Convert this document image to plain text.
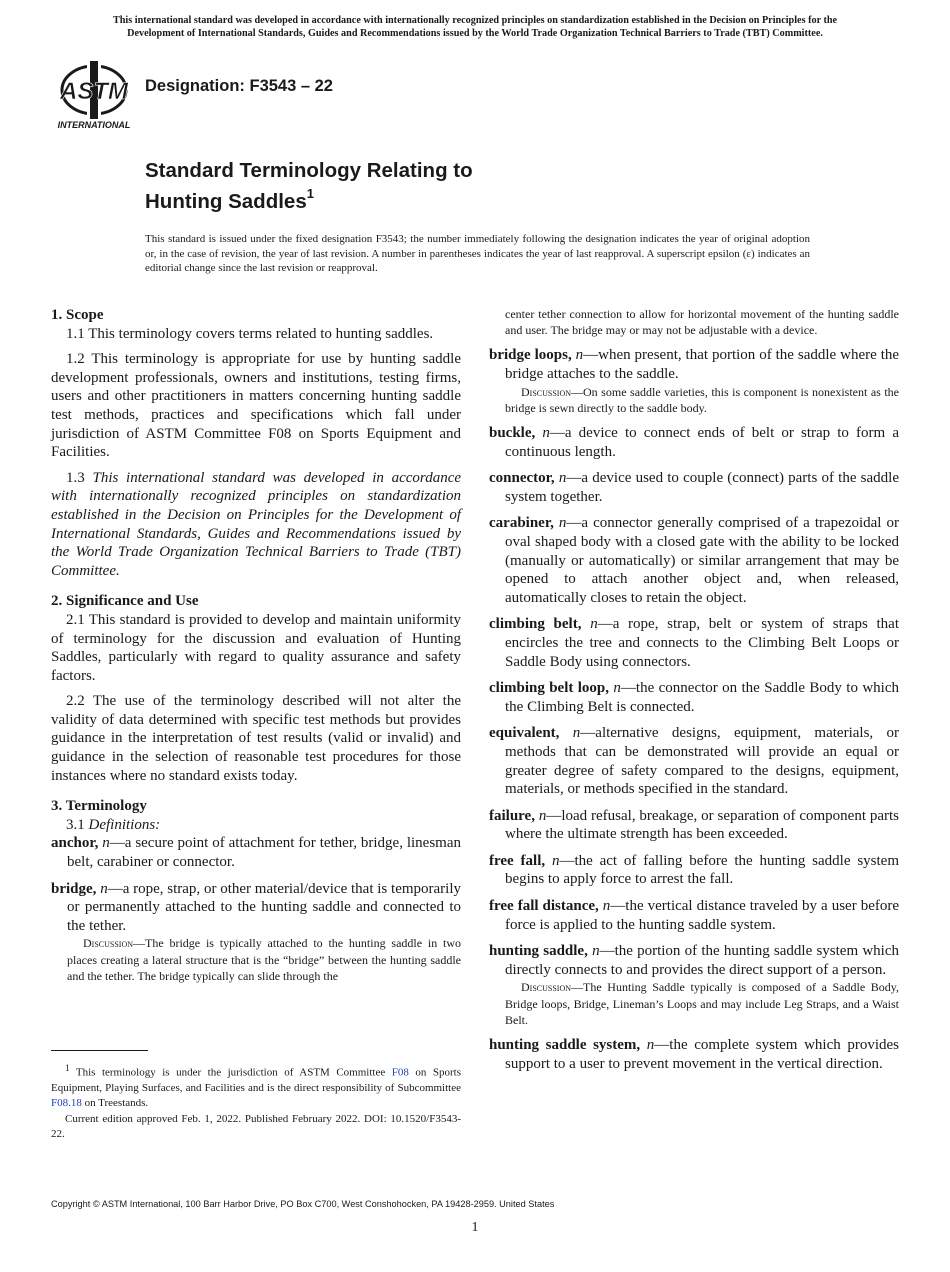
This international standard was developed in accordance with internationally recognized principles on standardization established in the Decision on Principles for the
Development of International Standards, Guides and Recommendations issued by the World Trade Organization Technical Barriers to Trade (TBT) Committee.
ASTM
INTERNATIONAL
Designation: F3543 – 22
Standard Terminology Relating to
Hunting Saddles$^1$
This standard is issued under the fixed designation F3543; the number immediately following the designation indicates the year of original adoption or, in the case of revision, the year of last revision. A number in parentheses indicates the year of last reapproval. A superscript epsilon (ε) indicates an editorial change since the last revision or reapproval.

1. Scope

1.1 This terminology covers terms related to hunting saddles.

1.2 This terminology is appropriate for use by hunting saddle development professionals, owners and institutions, testing firms, users and other practitioners in matters concerning hunting saddle test methods, practices and specifications which fall under jurisdiction of ASTM Committee F08 on Sports Equipment and Facilities.

1.3 This international standard was developed in accordance with internationally recognized principles on standardization established in the Decision on Principles for the Development of International Standards, Guides and Recommendations issued by the World Trade Organization Technical Barriers to Trade (TBT) Committee.

2. Significance and Use

2.1 This standard is provided to develop and maintain uniformity of terminology for the discussion and evaluation of Hunting Saddles, particularly with regard to quality assurance and safety factors.

2.2 The use of the terminology described will not alter the validity of data determined with specific test methods but provides guidance in the interpretation of test results (valid or invalid) and guidance in the selection of reasonable test procedures for those instances where no standard exists today.

3. Terminology

3.1 Definitions:

anchor, n—a secure point of attachment for tether, bridge, linesman belt, carabiner or connector.

bridge, n—a rope, strap, or other material/device that is temporarily or permanently attached to the hunting saddle and connected to the tether.

Discussion—The bridge is typically attached to the hunting saddle in two places creating a lateral structure that is the “bridge” between the hunting saddle and the tether. The bridge typically can slide through the

$^1$ This terminology is under the jurisdiction of ASTM Committee F08 on Sports Equipment, Playing Surfaces, and Facilities and is the direct responsibility of Subcommittee F08.18 on Treestands.

Current edition approved Feb. 1, 2022. Published February 2022. DOI: 10.1520/F3543-22.

center tether connection to allow for horizontal movement of the hunting saddle and user. The bridge may or may not be adjustable with a device.

bridge loops, n—when present, that portion of the saddle where the bridge attaches to the saddle.

Discussion—On some saddle varieties, this is component is nonexistent as the bridge is sewn directly to the saddle body.

buckle, n—a device to connect ends of belt or strap to form a continuous length.

connector, n—a device used to couple (connect) parts of the saddle system together.

carabiner, n—a connector generally comprised of a trapezoidal or oval shaped body with a closed gate with the ability to be locked (manually or automatically) or similar arrangement that may be opened to attach another object and, when released, automatically closes to retain the object.

climbing belt, n—a rope, strap, belt or system of straps that encircles the tree and connects to the Climbing Belt Loops or Saddle Body using connectors.

climbing belt loop, n—the connector on the Saddle Body to which the Climbing Belt is connected.

equivalent, n—alternative designs, equipment, materials, or methods that can be demonstrated will provide an equal or greater degree of safety compared to the designs, equipment, materials, or methods specified in the standard.

failure, n—load refusal, breakage, or separation of component parts where the ultimate strength has been exceeded.

free fall, n—the act of falling before the hunting saddle system begins to apply force to arrest the fall.

free fall distance, n—the vertical distance traveled by a user before force is applied to the hunting saddle system.

hunting saddle, n—the portion of the hunting saddle system which directly connects to and provides the direct support of a person.

Discussion—The Hunting Saddle typically is composed of a Saddle Body, Bridge loops, Bridge, Lineman’s Loops and may include Leg Straps, and a Waist Belt.

hunting saddle system, n—the complete system which provides support to a user to prevent movement in the vertical direction.

Copyright © ASTM International, 100 Barr Harbor Drive, PO Box C700, West Conshohocken, PA 19428-2959. United States
1
